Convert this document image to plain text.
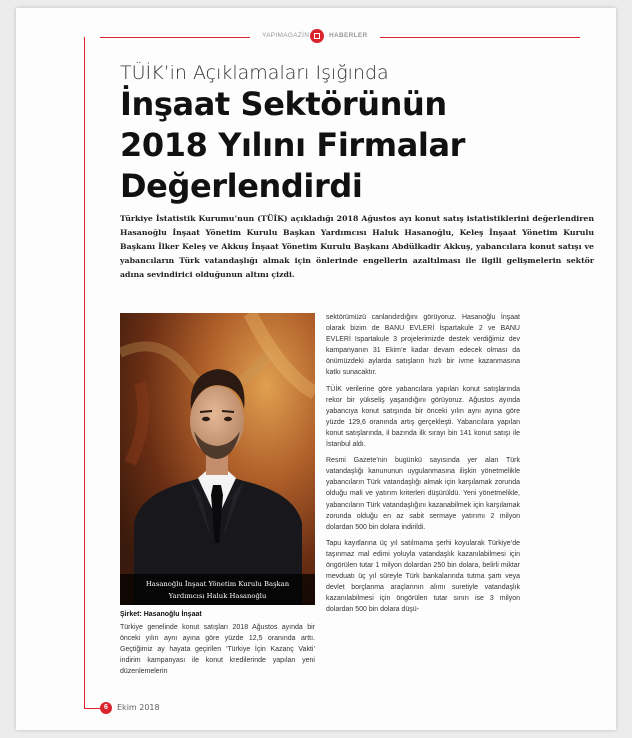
YAPIMAGAZİN	HABERLER
TÜİK’in Açıklamaları Işığında
İnşaat Sektörünün
2018 Yılını Firmalar
Değerlendirdi
Türkiye İstatistik Kurumu’nun (TÜİK) açıkladığı 2018 Ağustos ayı konut satış istatistiklerini değerlendiren Hasanoğlu İnşaat Yönetim Kurulu Başkan Yardımcısı Haluk Hasanoğlu, Keleş İnşaat Yönetim Kurulu Başkanı İlker Keleş ve Akkuş İnşaat Yönetim Kurulu Başkanı Abdülkadir Akkuş, yabancılara konut satışı ve yabancıların Türk vatandaşlığı almak için önlerinde engellerin azaltılması ile ilgili gelişmelerin sektör adına sevindirici olduğunun altını çizdi.
Hasanoğlu İnşaat Yönetim Kurulu Başkan
Yardımcısı Haluk Hasanoğlu

Şirket: Hasanoğlu İnşaat

Türkiye genelinde konut satışları 2018 Ağustos ayında bir önceki yılın aynı ayına göre yüzde 12,5 oranında arttı. Geçtiğimiz ay hayata geçirilen ‘Türkiye İçin Kazanç Vakti’ indirim kampanyası ile konut kredilerinde yapılan yeni düzenlemelerin

sektörümüzü canlandırdığını görüyoruz. Hasanoğlu İnşaat olarak bizim de BANU EVLERİ İspartakule 2 ve BANU EVLERİ Ispartakule 3 projelerimizde destek verdiğimiz dev kampanyanın 31 Ekim’e kadar devam edecek olması da önümüzdeki aylarda satışların hızlı bir ivme kazanmasına katkı sunacaktır.

TÜİK verilerine göre yabancılara yapılan konut satışlarında rekor bir yükseliş yaşandığını görüyoruz. Ağustos ayında yabancıya konut satışında bir önceki yılın aynı ayına göre yüzde 129,6 oranında artış gerçekleşti. Yabancılara yapılan konut satışlarında, il bazında ilk sırayı bin 141 konut satışı ile İstanbul aldı.

Resmi Gazete’nin bugünkü sayısında yer alan Türk vatandaşlığı kanununun uygulanmasına ilişkin yönetmelikle yabancıların Türk vatandaşlığı almak için karşılamak zorunda olduğu mali ve yatırım kriterleri düşürüldü. Yeni yönetmelikle, yabancıların Türk vatandaşlığını kazanabilmek için karşılamak zorunda olduğu en az sabit sermaye yatırımı 2 milyon dolardan 500 bin dolara indirildi.

Tapu kayıtlarına üç yıl satılmama şerhi koyularak Türkiye’de taşınmaz mal edimi yoluyla vatandaşlık kazanılabilmesi için öngörülen tutar 1 milyon dolardan 250 bin dolara, belirli miktar mevduatı üç yıl süreyle Türk bankalarında tutma şartı veya devlet borçlanma araçlarının alımı suretiyle vatandaşlık kazanılabilmesi için öngörülen tutar sınırı ise 3 milyon dolardan 500 bin dolara düşü-

6	Ekim 2018
